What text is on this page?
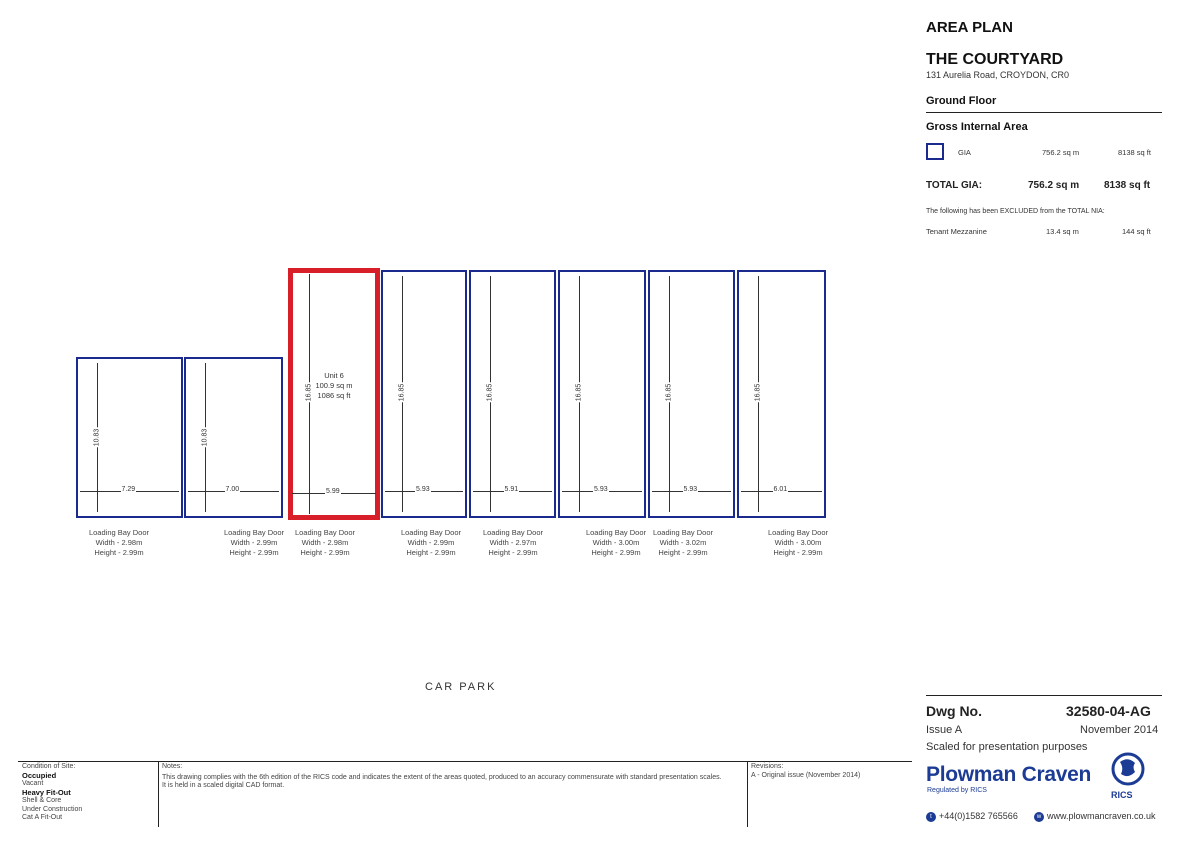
10.83
7.29
10.83
7.00
16.85
5.99
Unit 6
100.9 sq m
1086 sq ft	16.85
5.93
16.85
5.91
16.85
5.93
16.85
5.93
16.85
6.01
Loading Bay Door
Width - 2.98m
Height - 2.99m
Loading Bay Door
Width - 2.99m
Height - 2.99m
Loading Bay Door
Width - 2.98m
Height - 2.99m
Loading Bay Door
Width - 2.99m
Height - 2.99m
Loading Bay Door
Width - 2.97m
Height - 2.99m
Loading Bay Door
Width - 3.00m
Height - 2.99m
Loading Bay Door
Width - 3.02m
Height - 2.99m
Loading Bay Door
Width - 3.00m
Height - 2.99m
CAR PARK
AREA PLAN
THE COURTYARD
131 Aurelia Road, CROYDON, CR0
Ground Floor
Gross Internal Area
GIA	756.2 sq m	8138 sq ft
TOTAL GIA:	756.2 sq m 8138 sq ft
The following has been EXCLUDED from the TOTAL NIA:
Tenant Mezzanine	13.4 sq m	144 sq ft
Dwg No.	32580-04-AG
Issue A	November 2014
Scaled for presentation purposes
Plowman Craven
Regulated by RICS	RICS
t +44(0)1582 765566	w www.plowmancraven.co.uk
Condition of Site:
Occupied
Vacant
Heavy Fit-Out
Shell & Core
Under Construction
Cat A Fit-Out
Notes:
This drawing complies with the 6th edition of the RICS code and indicates the extent of the areas quoted, produced to an accuracy commensurate with standard presentation scales.
It is held in a scaled digital CAD format.
Revisions:
A - Original issue (November 2014)
